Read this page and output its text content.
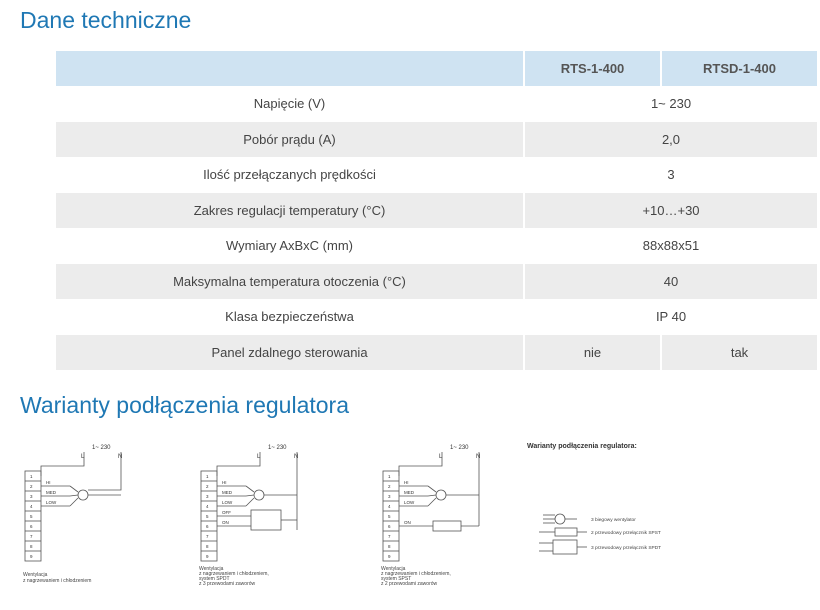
Dane techniczne
	RTS-1-400	RTSD-1-400
Napięcie (V)	1~ 230	
Pobór prądu (A)	2,0	
Ilość przełączanych prędkości	3	
Zakres regulacji temperatury (°C)	+10…+30	
Wymiary AxBxC (mm)	88x88x51	
Maksymalna temperatura otoczenia (°C)	40	
Klasa bezpieczeństwa	IP 40	
Panel zdalnego sterowania	nie	tak
Warianty podłączenia regulatora
1~ 230
L	N
HI
MED
LOW
1
2
3
4
5
6
7
8
9
Wentylacja
z nagrzewaniem i chłodzeniem
1~ 230
L	N
HI
MED
LOW
OFF
ON
1
2
3
4
5
6
7
8
9
Wentylacja
z nagrzewaniem i chłodzeniem,
system SPDT
z 3 przewodami zaworów
1~ 230
L	N
HI
MED
LOW
ON
1
2
3
4
5
6
7
8
9
Wentylacja
z nagrzewaniem i chłodzeniem,
system SPST
z 2 przewodami zaworów
Warianty podłączenia regulatora:
3 biegowy wentylator
2 przewodowy przełącznik SPST
3 przewodowy przełącznik SPDT
